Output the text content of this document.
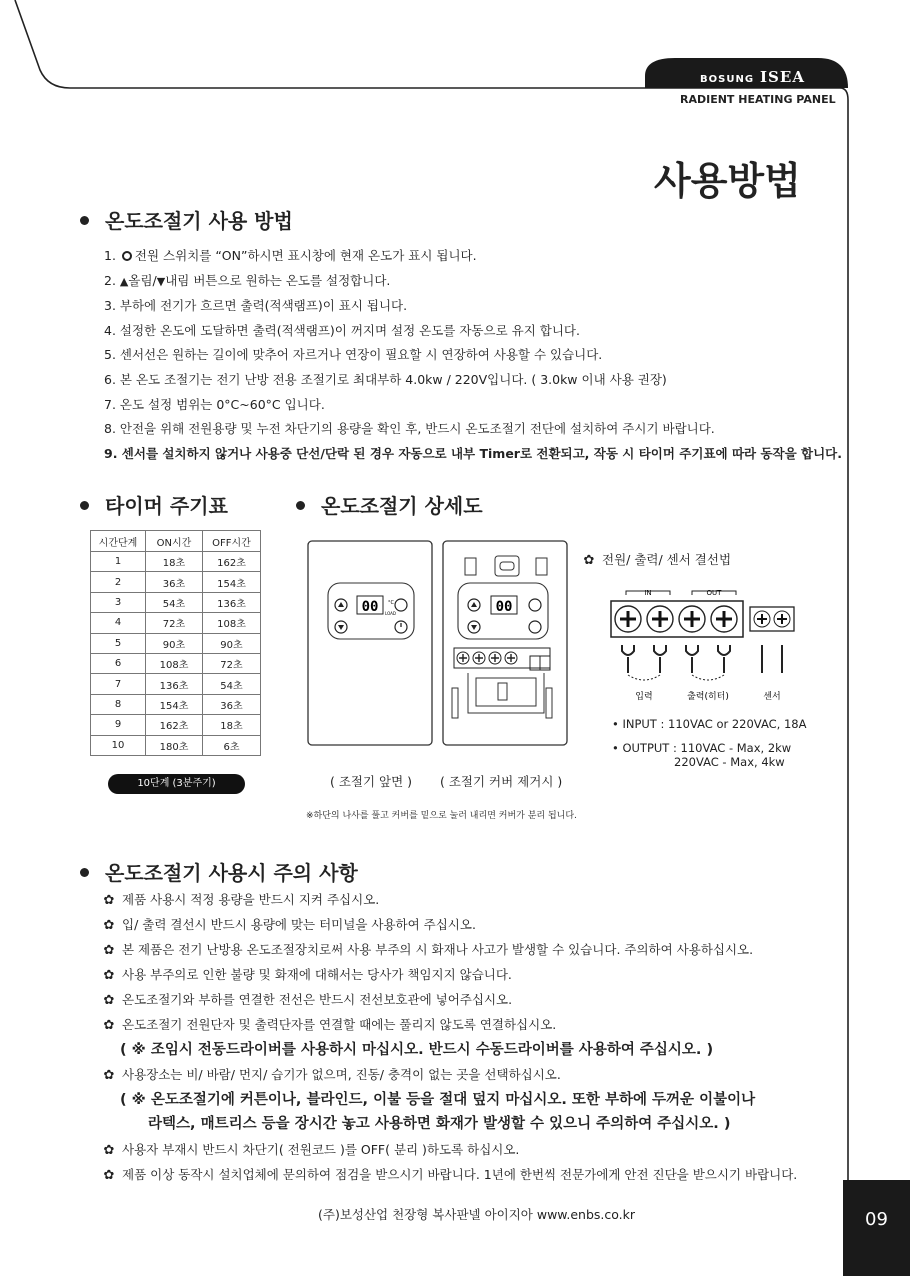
BOSUNG ISEA
RADIENT HEATING PANEL
사용방법
온도조절기 사용 방법
1. 전원 스위치를 “ON”하시면 표시창에 현재 온도가 표시 됩니다.
2. ▲올림/▼내림 버튼으로 원하는 온도를 설정합니다.
3. 부하에 전기가 흐르면 출력(적색램프)이 표시 됩니다.
4. 설정한 온도에 도달하면 출력(적색램프)이 꺼지며 설정 온도를 자동으로 유지 합니다.
5. 센서선은 원하는 길이에 맞추어 자르거나 연장이 필요할 시 연장하여 사용할 수 있습니다.
6. 본 온도 조절기는 전기 난방 전용 조절기로 최대부하 4.0kw / 220V입니다. ( 3.0kw 이내 사용 권장)
7. 온도 설정 범위는 0°C~60°C 입니다.
8. 안전을 위해 전원용량 및 누전 차단기의 용량을 확인 후, 반드시 온도조절기 전단에 설치하여 주시기 바랍니다.
9. 센서를 설치하지 않거나 사용중 단선/단락 된 경우 자동으로 내부 Timer로 전환되고, 작동 시 타이머 주기표에 따라 동작을 합니다.
타이머 주기표
시간단계	ON시간	OFF시간
1	18초	162초
2	36초	154초
3	54초	136초
4	72초	108초
5	90초	90초
6	108초	72초
7	136초	54초
8	154초	36초
9	162초	18초
10	180초	6초
10단계 (3분주기)
온도조절기 상세도
00 °C
LOAD	00
( 조절기 앞면 ) ( 조절기 커버 제거시 )
※하단의 나사를 풀고 커버를 밑으로 눌러 내리면 커버가 분리 됩니다.
✿ 전원/ 출력/ 센서 결선법
IN	OUT
입력	출력(히터)	센서
• INPUT : 110VAC or 220VAC, 18A
• OUTPUT : 110VAC - Max, 2kw
220VAC - Max, 4kw
온도조절기 사용시 주의 사항
✿ 제품 사용시 적정 용량을 반드시 지켜 주십시오.
✿ 입/ 출력 결선시 반드시 용량에 맞는 터미널을 사용하여 주십시오.
✿ 본 제품은 전기 난방용 온도조절장치로써 사용 부주의 시 화재나 사고가 발생할 수 있습니다. 주의하여 사용하십시오.
✿ 사용 부주의로 인한 불량 및 화재에 대해서는 당사가 책임지지 않습니다.
✿ 온도조절기와 부하를 연결한 전선은 반드시 전선보호관에 넣어주십시오.
✿ 온도조절기 전원단자 및 출력단자를 연결할 때에는 풀리지 않도록 연결하십시오.
( ※ 조임시 전동드라이버를 사용하시 마십시오. 반드시 수동드라이버를 사용하여 주십시오. )
✿ 사용장소는 비/ 바람/ 먼지/ 습기가 없으며, 진동/ 충격이 없는 곳을 선택하십시오.
( ※ 온도조절기에 커튼이나, 블라인드, 이불 등을 절대 덮지 마십시오. 또한 부하에 두꺼운 이불이나
라텍스, 매트리스 등을 장시간 놓고 사용하면 화재가 발생할 수 있으니 주의하여 주십시오. )
✿ 사용자 부재시 반드시 차단기( 전원코드 )를 OFF( 분리 )하도록 하십시오.
✿ 제품 이상 동작시 설치업체에 문의하여 점검을 받으시기 바랍니다. 1년에 한번씩 전문가에게 안전 진단을 받으시기 바랍니다.
(주)보성산업 천장형 복사판넬 아이지아 www.enbs.co.kr	09
